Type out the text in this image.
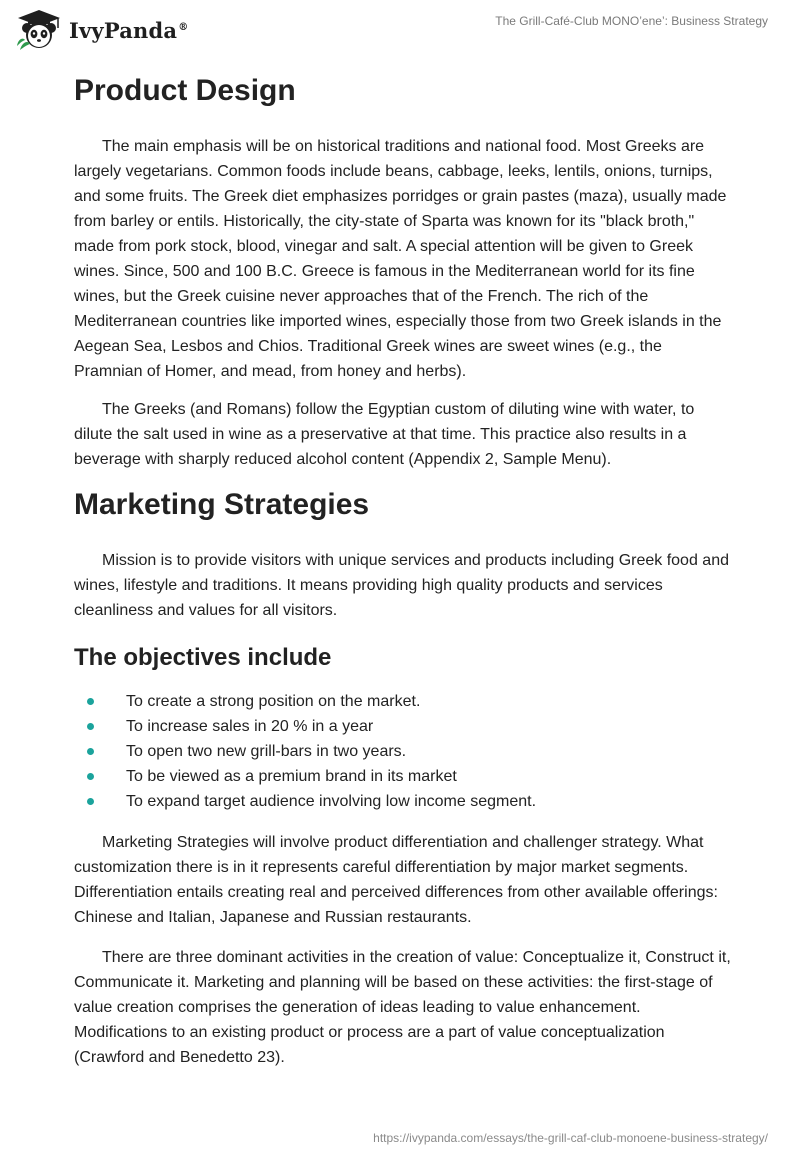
IvyPanda®	The Grill-Café-Club MONO’ene’: Business Strategy
Product Design

The main emphasis will be on historical traditions and national food. Most Greeks are largely vegetarians. Common foods include beans, cabbage, leeks, lentils, onions, turnips, and some fruits. The Greek diet emphasizes porridges or grain pastes (maza), usually made from barley or entils. Historically, the city-state of Sparta was known for its "black broth," made from pork stock, blood, vinegar and salt. A special attention will be given to Greek wines. Since, 500 and 100 B.C. Greece is famous in the Mediterranean world for its fine wines, but the Greek cuisine never approaches that of the French. The rich of the Mediterranean countries like imported wines, especially those from two Greek islands in the Aegean Sea, Lesbos and Chios. Traditional Greek wines are sweet wines (e.g., the Pramnian of Homer, and mead, from honey and herbs).

The Greeks (and Romans) follow the Egyptian custom of diluting wine with water, to dilute the salt used in wine as a preservative at that time. This practice also results in a beverage with sharply reduced alcohol content (Appendix 2, Sample Menu).

Marketing Strategies

Mission is to provide visitors with unique services and products including Greek food and wines, lifestyle and traditions. It means providing high quality products and services cleanliness and values for all visitors.

The objectives include
To create a strong position on the market.
To increase sales in 20 % in a year
To open two new grill-bars in two years.
To be viewed as a premium brand in its market
To expand target audience involving low income segment.

Marketing Strategies will involve product differentiation and challenger strategy. What customization there is in it represents careful differentiation by major market segments. Differentiation entails creating real and perceived differences from other available offerings: Chinese and Italian, Japanese and Russian restaurants.

There are three dominant activities in the creation of value: Conceptualize it, Construct it, Communicate it. Marketing and planning will be based on these activities: the first-stage of value creation comprises the generation of ideas leading to value enhancement. Modifications to an existing product or process are a part of value conceptualization (Crawford and Benedetto 23).

https://ivypanda.com/essays/the-grill-caf-club-monoene-business-strategy/
